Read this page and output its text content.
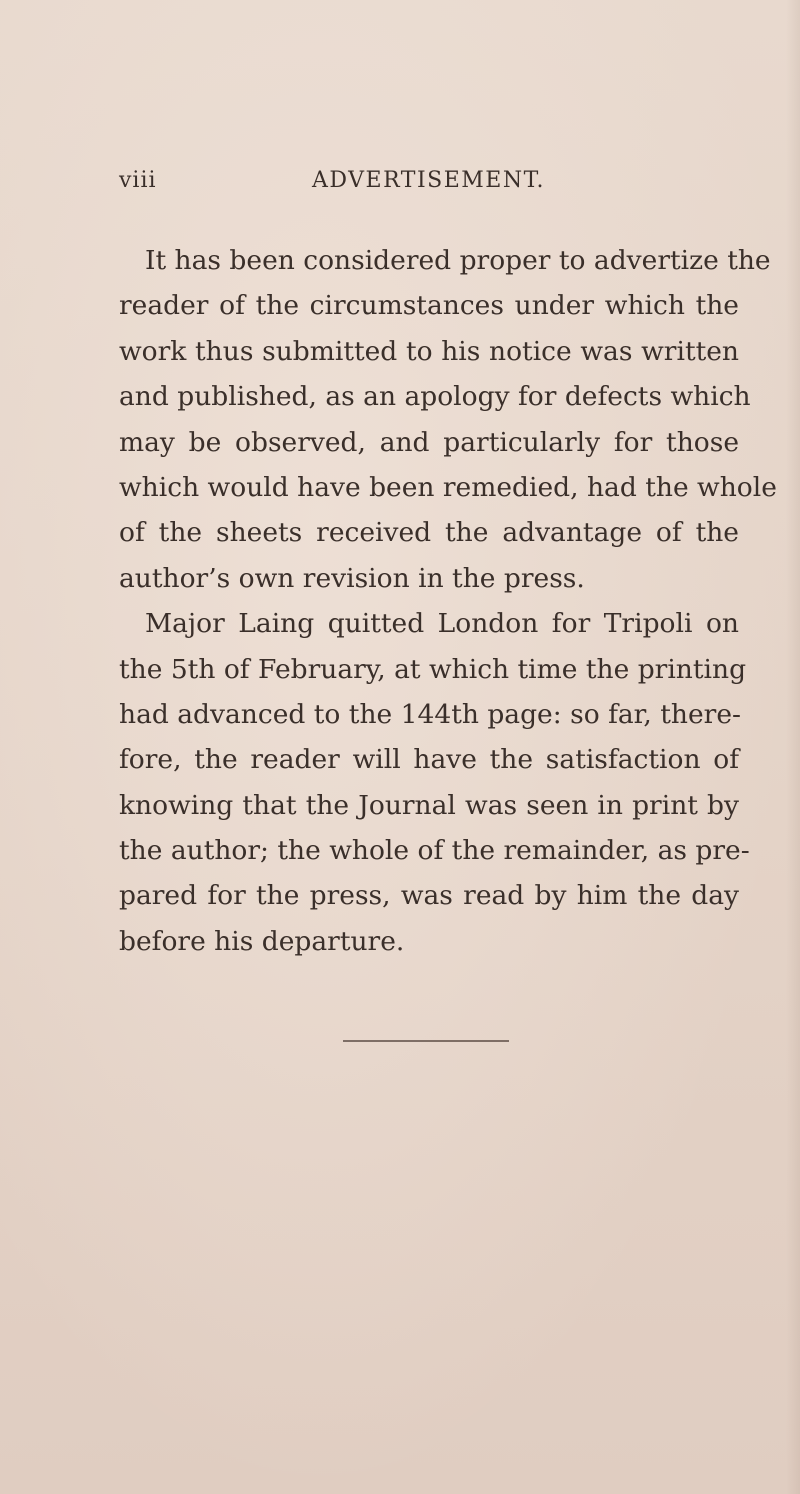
viii	ADVERTISEMENT.
It has been considered proper to advertize the
reader of the circumstances under which the
work thus submitted to his notice was written
and published, as an apology for defects which
may be observed, and particularly for those
which would have been remedied, had the whole
of the sheets received the advantage of the
author’s own revision in the press.
Major Laing quitted London for Tripoli on
the 5th of February, at which time the printing
had advanced to the 144th page: so far, there-
fore, the reader will have the satisfaction of
knowing that the Journal was seen in print by
the author; the whole of the remainder, as pre-
pared for the press, was read by him the day
before his departure.
